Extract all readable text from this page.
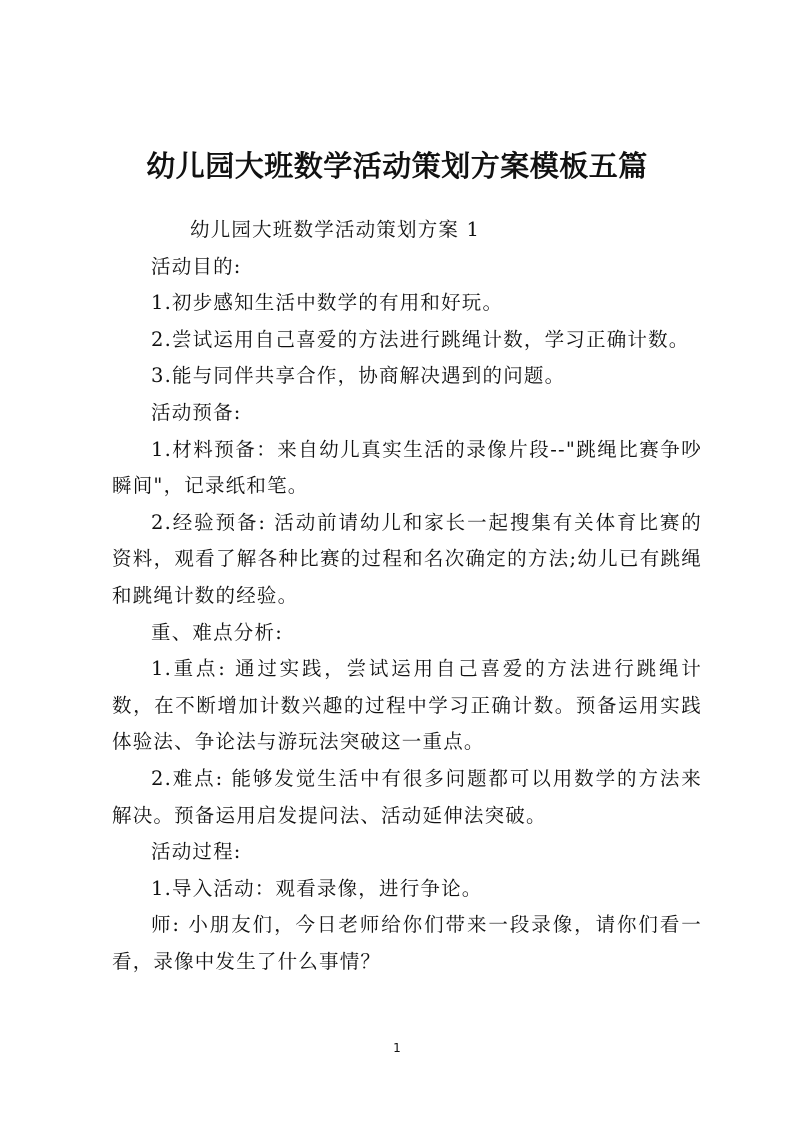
幼儿园大班数学活动策划方案模板五篇

幼儿园大班数学活动策划方案 1

活动目的:

1.初步感知生活中数学的有用和好玩。

2.尝试运用自己喜爱的方法进行跳绳计数，学习正确计数。

3.能与同伴共享合作，协商解决遇到的问题。

活动预备:

1.材料预备：来自幼儿真实生活的录像片段--"跳绳比赛争吵瞬间"，记录纸和笔。

2.经验预备: 活动前请幼儿和家长一起搜集有关体育比赛的资料，观看了解各种比赛的过程和名次确定的方法;幼儿已有跳绳和跳绳计数的经验。

重、难点分析:

1.重点: 通过实践，尝试运用自己喜爱的方法进行跳绳计数，在不断增加计数兴趣的过程中学习正确计数。预备运用实践体验法、争论法与游玩法突破这一重点。

2.难点: 能够发觉生活中有很多问题都可以用数学的方法来解决。预备运用启发提问法、活动延伸法突破。

活动过程:

1.导入活动：观看录像，进行争论。

师: 小朋友们，今日老师给你们带来一段录像，请你们看一看，录像中发生了什么事情？

1
